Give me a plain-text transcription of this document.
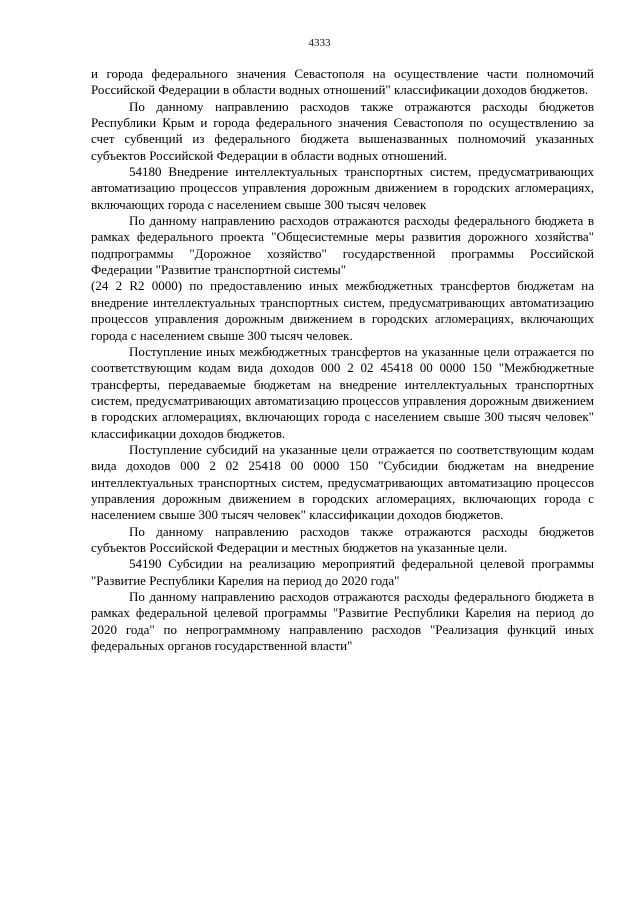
4333

и города федерального значения Севастополя на осуществление части полномочий Российской Федерации в области водных отношений" классификации доходов бюджетов.

По данному направлению расходов также отражаются расходы бюджетов Республики Крым и города федерального значения Севастополя по осуществлению за счет субвенций из федерального бюджета вышеназванных полномочий указанных субъектов Российской Федерации в области водных отношений.

54180 Внедрение интеллектуальных транспортных систем, предусматривающих автоматизацию процессов управления дорожным движением в городских агломерациях, включающих города с населением свыше 300 тысяч человек

По данному направлению расходов отражаются расходы федерального бюджета в рамках федерального проекта "Общесистемные меры развития дорожного хозяйства" подпрограммы "Дорожное хозяйство" государственной программы Российской Федерации "Развитие транспортной системы"

(24 2 R2 0000) по предоставлению иных межбюджетных трансфертов бюджетам на внедрение интеллектуальных транспортных систем, предусматривающих автоматизацию процессов управления дорожным движением в городских агломерациях, включающих города с населением свыше 300 тысяч человек.

Поступление иных межбюджетных трансфертов на указанные цели отражается по соответствующим кодам вида доходов 000 2 02 45418 00 0000 150 "Межбюджетные трансферты, передаваемые бюджетам на внедрение интеллектуальных транспортных систем, предусматривающих автоматизацию процессов управления дорожным движением в городских агломерациях, включающих города с населением свыше 300 тысяч человек" классификации доходов бюджетов.

Поступление субсидий на указанные цели отражается по соответствующим кодам вида доходов 000 2 02 25418 00 0000 150 "Субсидии бюджетам на внедрение интеллектуальных транспортных систем, предусматривающих автоматизацию процессов управления дорожным движением в городских агломерациях, включающих города с населением свыше 300 тысяч человек" классификации доходов бюджетов.

По данному направлению расходов также отражаются расходы бюджетов субъектов Российской Федерации и местных бюджетов на указанные цели.

54190 Субсидии на реализацию мероприятий федеральной целевой программы "Развитие Республики Карелия на период до 2020 года"

По данному направлению расходов отражаются расходы федерального бюджета в рамках федеральной целевой программы "Развитие Республики Карелия на период до 2020 года" по непрограммному направлению расходов "Реализация функций иных федеральных органов государственной власти"
